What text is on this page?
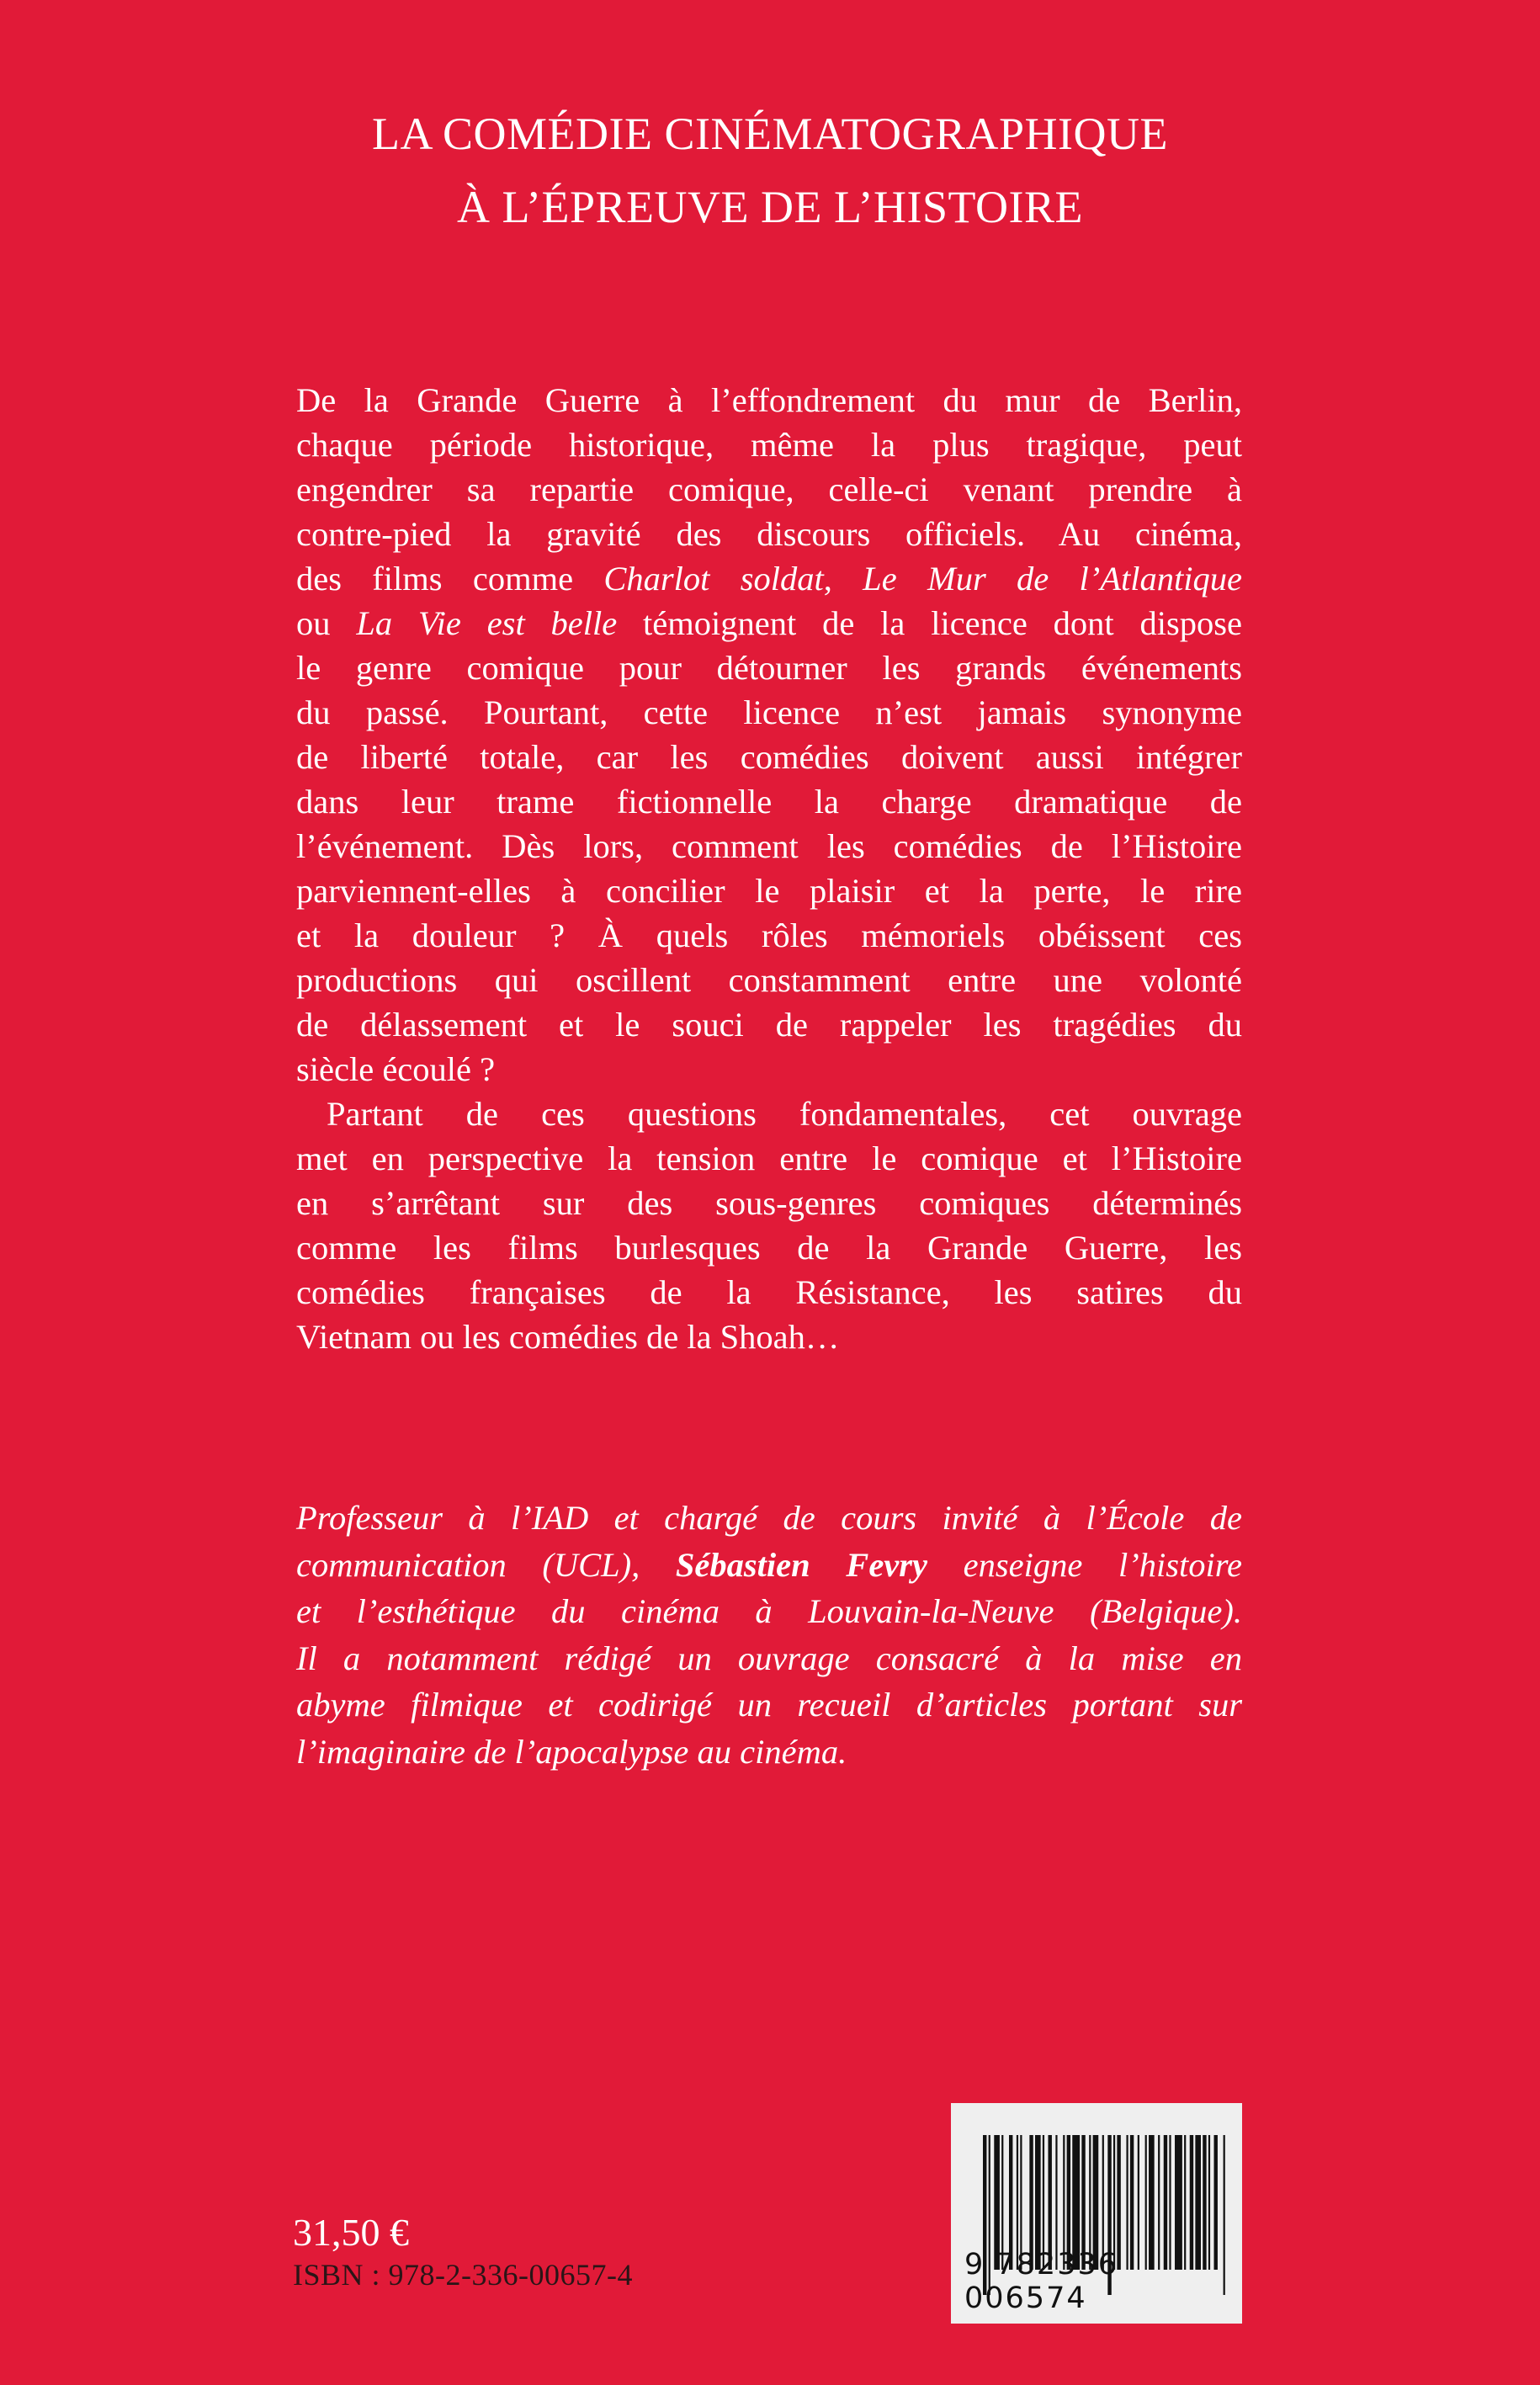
LA COMÉDIE CINÉMATOGRAPHIQUE
À L’ÉPREUVE DE L’HISTOIRE
De la Grande Guerre à l’effondrement du mur de Berlin,
chaque période historique, même la plus tragique, peut
engendrer sa repartie comique, celle-ci venant prendre à
contre-pied la gravité des discours officiels. Au cinéma,
des films comme Charlot soldat, Le Mur de l’Atlantique
ou La Vie est belle témoignent de la licence dont dispose
le genre comique pour détourner les grands événements
du passé. Pourtant, cette licence n’est jamais synonyme
de liberté totale, car les comédies doivent aussi intégrer
dans leur trame fictionnelle la charge dramatique de
l’événement. Dès lors, comment les comédies de l’Histoire
parviennent-elles à concilier le plaisir et la perte, le rire
et la douleur ? À quels rôles mémoriels obéissent ces
productions qui oscillent constamment entre une volonté
de délassement et le souci de rappeler les tragédies du
siècle écoulé ?
Partant de ces questions fondamentales, cet ouvrage
met en perspective la tension entre le comique et l’Histoire
en s’arrêtant sur des sous-genres comiques déterminés
comme les films burlesques de la Grande Guerre, les
comédies françaises de la Résistance, les satires du
Vietnam ou les comédies de la Shoah…
Professeur à l’IAD et chargé de cours invité à l’École de
communication (UCL), Sébastien Fevry enseigne l’histoire
et l’esthétique du cinéma à Louvain-la-Neuve (Belgique).
Il a notamment rédigé un ouvrage consacré à la mise en
abyme filmique et codirigé un recueil d’articles portant sur
l’imaginaire de l’apocalypse au cinéma.
31,50 €
ISBN : 978-2-336-00657-4	9 782336 006574
